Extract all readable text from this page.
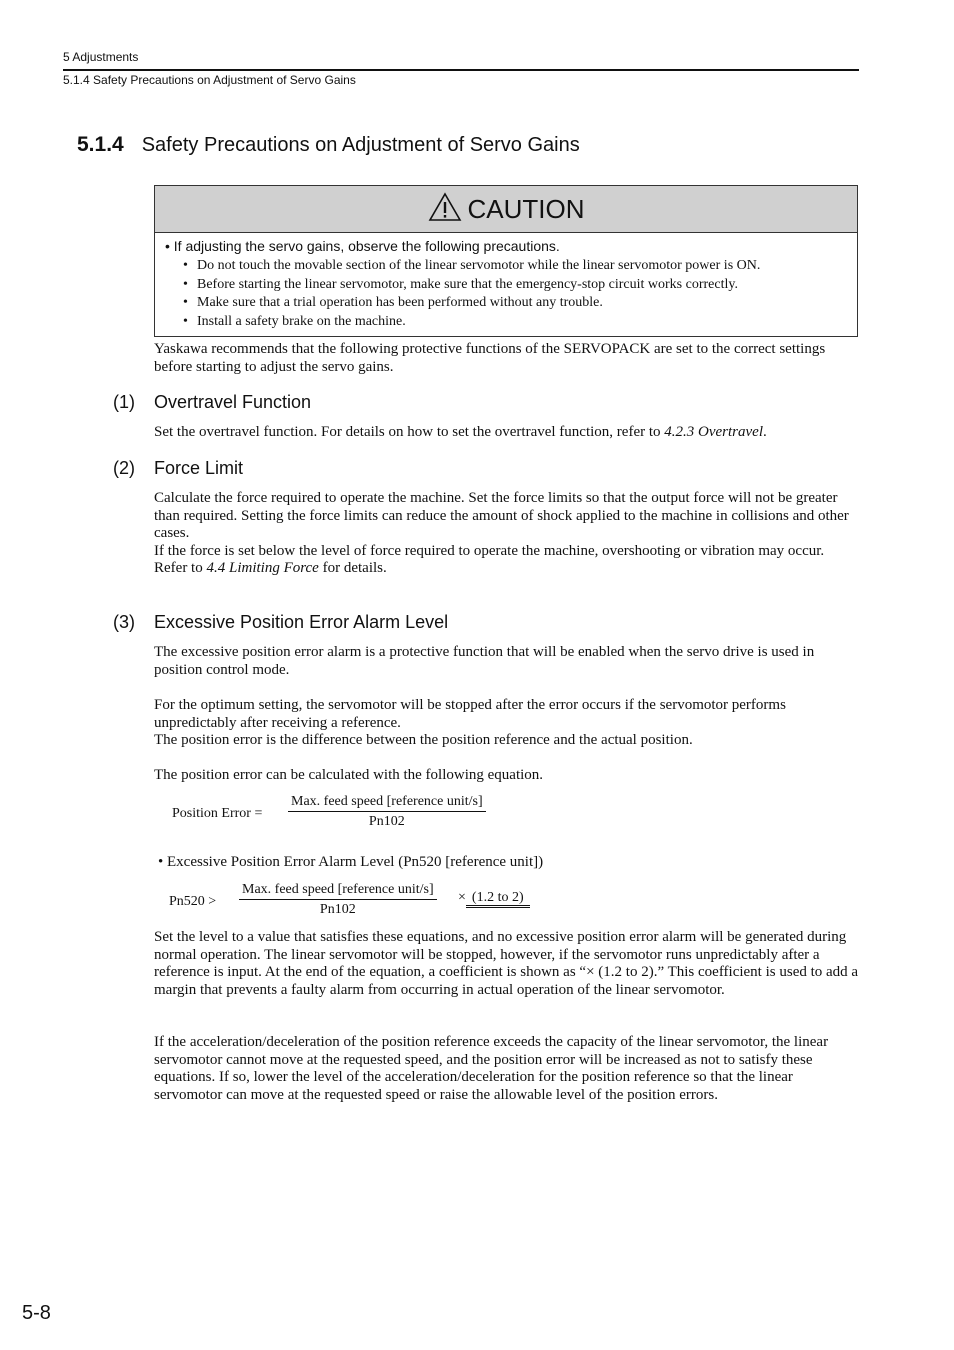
5 Adjustments
5.1.4 Safety Precautions on Adjustment of Servo Gains
5.1.4 Safety Precautions on Adjustment of Servo Gains
CAUTION
• If adjusting the servo gains, observe the following precautions.
• Do not touch the movable section of the linear servomotor while the linear servomotor power is ON.
• Before starting the linear servomotor, make sure that the emergency-stop circuit works correctly.
• Make sure that a trial operation has been performed without any trouble.
• Install a safety brake on the machine.
Yaskawa recommends that the following protective functions of the SERVOPACK are set to the correct settings before starting to adjust the servo gains.
(1) Overtravel Function
Set the overtravel function. For details on how to set the overtravel function, refer to 4.2.3 Overtravel.
(2) Force Limit
Calculate the force required to operate the machine. Set the force limits so that the output force will not be greater than required. Setting the force limits can reduce the amount of shock applied to the machine in collisions and other cases.
If the force is set below the level of force required to operate the machine, overshooting or vibration may occur.
Refer to 4.4 Limiting Force for details.
(3) Excessive Position Error Alarm Level
The excessive position error alarm is a protective function that will be enabled when the servo drive is used in position control mode.
For the optimum setting, the servomotor will be stopped after the error occurs if the servomotor performs unpredictably after receiving a reference.
The position error is the difference between the position reference and the actual position.
The position error can be calculated with the following equation.
Position Error =
Max. feed speed [reference unit/s]
Pn102
• Excessive Position Error Alarm Level (Pn520 [reference unit])
Pn520 >
Max. feed speed [reference unit/s]
Pn102
× (1.2 to 2)
Set the level to a value that satisfies these equations, and no excessive position error alarm will be generated during normal operation. The linear servomotor will be stopped, however, if the servomotor runs unpredictably after a reference is input. At the end of the equation, a coefficient is shown as “× (1.2 to 2).” This coefficient is used to add a margin that prevents a faulty alarm from occurring in actual operation of the linear servomotor.
If the acceleration/deceleration of the position reference exceeds the capacity of the linear servomotor, the linear servomotor cannot move at the requested speed, and the position error will be increased as not to satisfy these equations. If so, lower the level of the acceleration/deceleration for the position reference so that the linear servomotor can move at the requested speed or raise the allowable level of the position errors.
5-8
